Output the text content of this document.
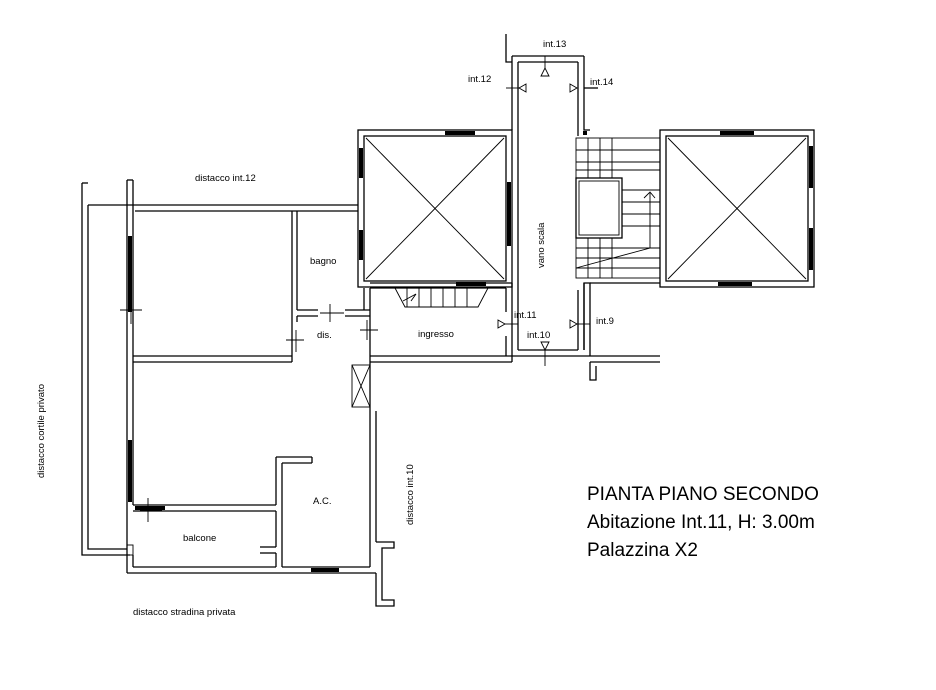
bagno
dis.	ingresso
A.C.
balcone
vano scala
distacco int.12
distacco cortile privato
distacco stradina privata
distacco int.10
int.13
int.12	int.14
int.11
int.10
int.9
PIANTA PIANO SECONDO
Abitazione Int.11, H: 3.00m
Palazzina X2
